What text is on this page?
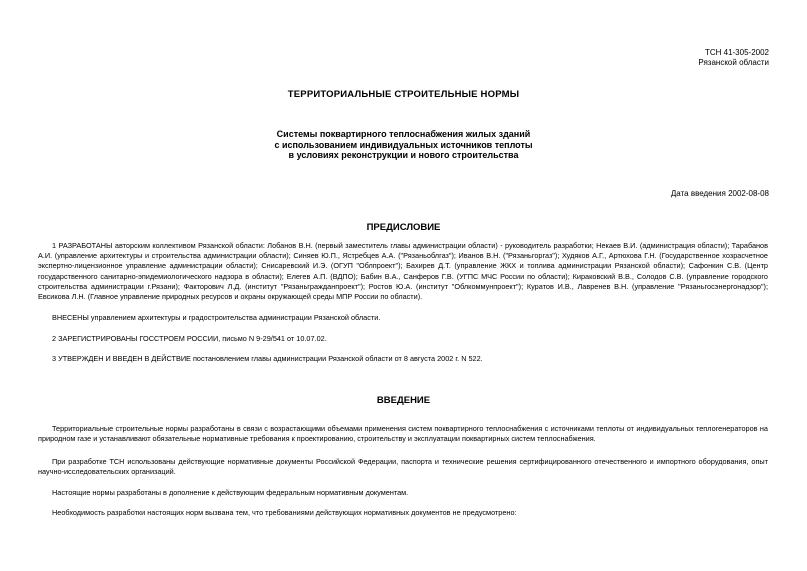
ТСН 41-305-2002
Рязанской области
ТЕРРИТОРИАЛЬНЫЕ СТРОИТЕЛЬНЫЕ НОРМЫ
Системы поквартирного теплоснабжения жилых зданий
с использованием индивидуальных источников теплоты
в условиях реконструкции и нового строительства
Дата введения 2002-08-08
ПРЕДИСЛОВИЕ

1 РАЗРАБОТАНЫ авторским коллективом Рязанской области: Лобанов В.Н. (первый заместитель главы администрации области) - руководитель разработки; Некаев В.И. (администрация области); Тарабанов А.И. (управление архитектуры и строительства администрации области); Синяев Ю.П., Ястребцев А.А. ("Рязаньоблгаз"); Иванов В.Н. ("Рязаньгоргаз"); Худяков А.Г., Артюхова Г.Н. (Государственное хозрасчетное экспертно-лицензионное управление администрации области); Снисаревский И.Э. (ОГУП "Облпроект"); Бахирев Д.Т. (управление ЖКХ и топлива администрации Рязанской области); Сафонкин С.В. (Центр государственного санитарно-эпидемиологического надзора в области); Елегев А.П. (ВДПО); Бабин В.А., Санферов Г.В. (УГПС МЧС России по области); Кирaковский В.В., Солодов С.В. (управление городского строительства администрации г.Рязани); Факторович Л.Д. (институт "Рязаньгражданпроект"); Ростов Ю.А. (институт "Облкоммунпроект"); Куратов И.В., Лавренев В.Н. (управление "Рязаньгосэнергонадзор"); Евсикова Л.Н. (Главное управление природных ресурсов и охраны окружающей среды МПР России по области).

ВНЕСЕНЫ управлением архитектуры и градостроительства администрации Рязанской области.

2 ЗАРЕГИСТРИРОВАНЫ ГОССТРОЕМ РОССИИ, письмо N 9-29/541 от 10.07.02.

3 УТВЕРЖДЕН И ВВЕДЕН В ДЕЙСТВИЕ постановлением главы администрации Рязанской области от 8 августа 2002 г. N 522.

ВВЕДЕНИЕ

Территориальные строительные нормы разработаны в связи с возрастающими объемами применения систем поквартирного теплоснабжения с источниками теплоты от индивидуальных теплогенераторов на природном газе и устанавливают обязательные нормативные требования к проектированию, строительству и эксплуатации поквартирных систем теплоснабжения.

При разработке ТСН использованы действующие нормативные документы Российской Федерации, паспорта и технические решения сертифицированного отечественного и импортного оборудования, опыт научно-исследовательских организаций.

Настоящие нормы разработаны в дополнение к действующим федеральным нормативным документам.

Необходимость разработки настоящих норм вызвана тем, что требованиями действующих нормативных документов не предусмотрено:
